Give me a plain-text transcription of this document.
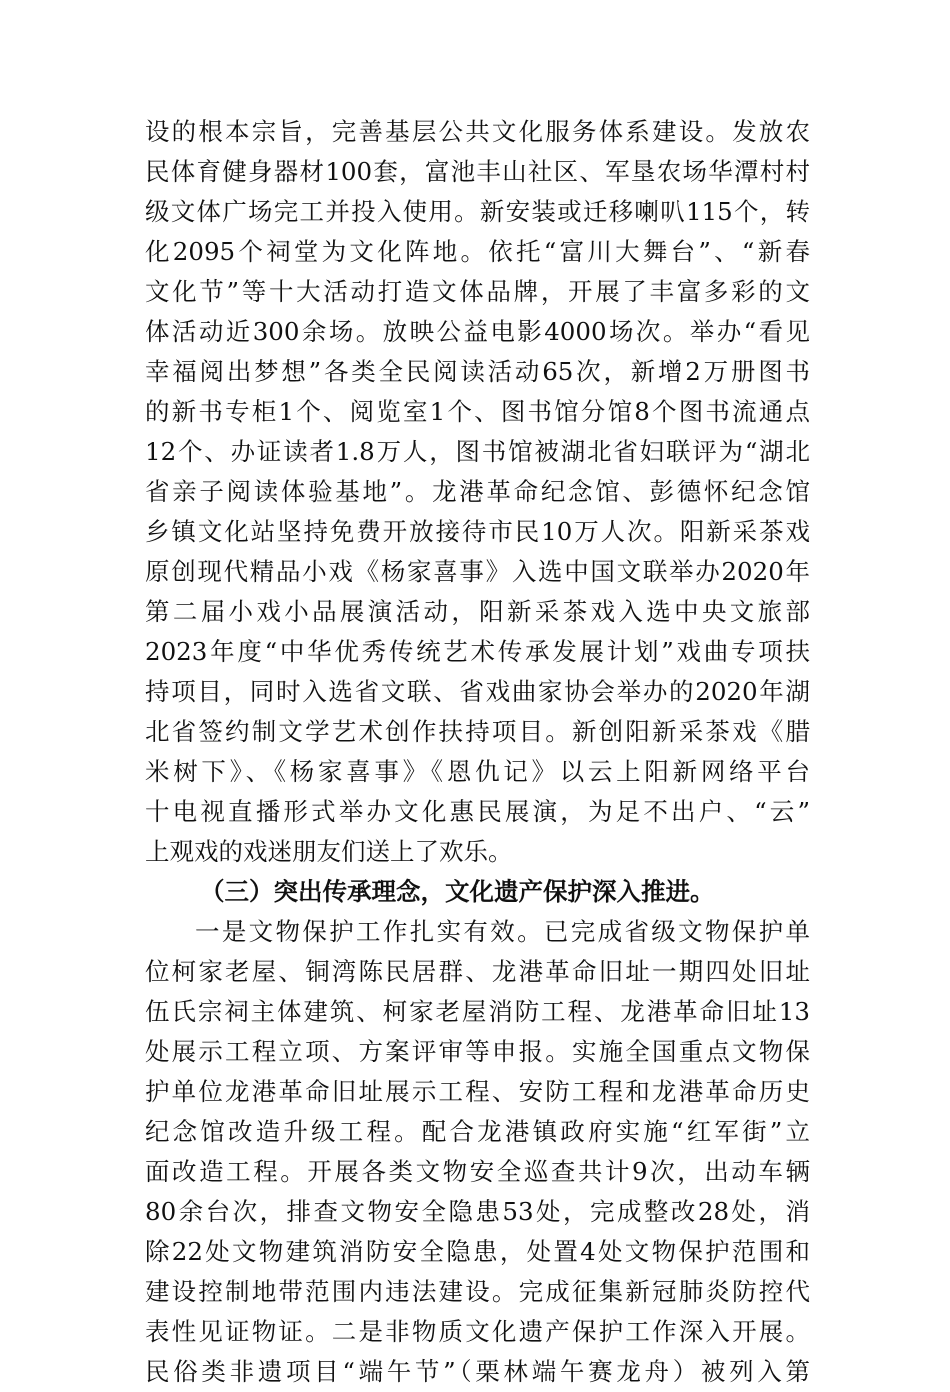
设的根本宗旨，完善基层公共文化服务体系建设。发放农
民体育健身器材100套，富池丰山社区、军垦农场华潭村村
级文体广场完工并投入使用。新安装或迁移喇叭115个，转
化2095个祠堂为文化阵地。依托“富川大舞台”、“新春
文化节”等十大活动打造文体品牌，开展了丰富多彩的文
体活动近300余场。放映公益电影4000场次。举办“看见
幸福阅出梦想”各类全民阅读活动65次，新增2万册图书
的新书专柜1个、阅览室1个、图书馆分馆8个图书流通点
12个、办证读者1.8万人，图书馆被湖北省妇联评为“湖北
省亲子阅读体验基地”。龙港革命纪念馆、彭德怀纪念馆
乡镇文化站坚持免费开放接待市民10万人次。阳新采茶戏
原创现代精品小戏《杨家喜事》入选中国文联举办2020年
第二届小戏小品展演活动，阳新采茶戏入选中央文旅部
2023年度“中华优秀传统艺术传承发展计划”戏曲专项扶
持项目，同时入选省文联、省戏曲家协会举办的2020年湖
北省签约制文学艺术创作扶持项目。新创阳新采茶戏《腊
米树下》、《杨家喜事》《恩仇记》以云上阳新网络平台
十电视直播形式举办文化惠民展演，为足不出户、“云”
上观戏的戏迷朋友们送上了欢乐。
（三）突出传承理念，文化遗产保护深入推进。
一是文物保护工作扎实有效。已完成省级文物保护单
位柯家老屋、铜湾陈民居群、龙港革命旧址一期四处旧址
伍氏宗祠主体建筑、柯家老屋消防工程、龙港革命旧址13
处展示工程立项、方案评审等申报。实施全国重点文物保
护单位龙港革命旧址展示工程、安防工程和龙港革命历史
纪念馆改造升级工程。配合龙港镇政府实施“红军街”立
面改造工程。开展各类文物安全巡查共计9次，出动车辆
80余台次，排查文物安全隐患53处，完成整改28处，消
除22处文物建筑消防安全隐患，处置4处文物保护范围和
建设控制地带范围内违法建设。完成征集新冠肺炎防控代
表性见证物证。二是非物质文化遗产保护工作深入开展。
民俗类非遗项目“端午节”（栗林端午赛龙舟）被列入第
